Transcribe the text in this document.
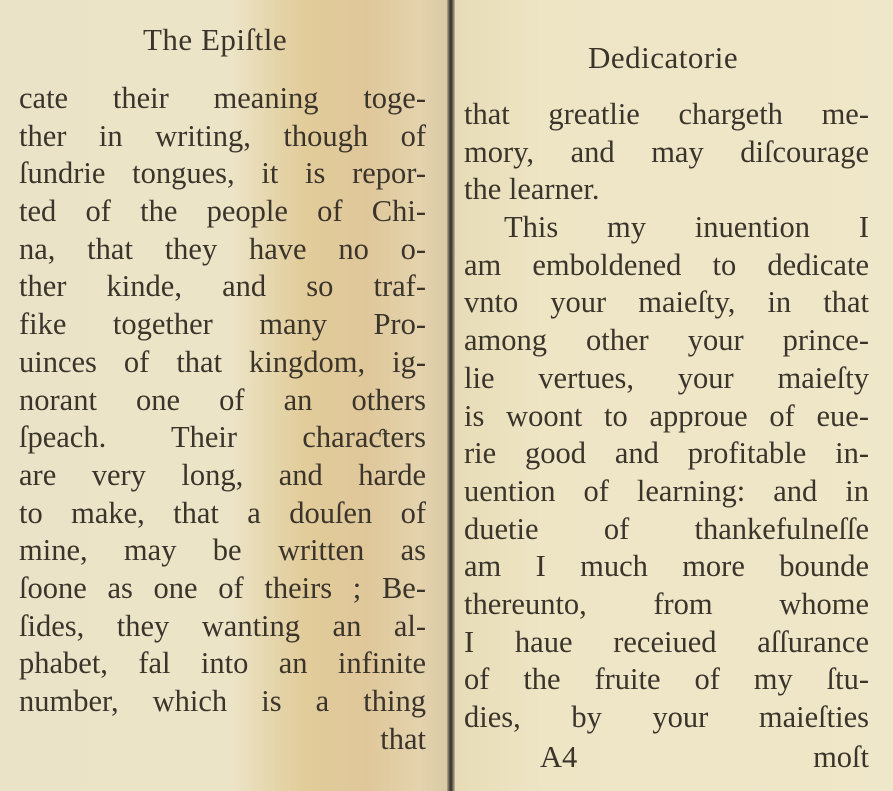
The Epiſtle
cate their meaning toge-
ther in writing, though of
ſundrie tongues, it is repor-
ted of the people of Chi-
na, that they have no o-
ther kinde, and so traf-
fike together many Pro-
uinces of that kingdom, ig-
norant one of an others
ſpeach. Their charaƈters
are very long, and harde
to make, that a douſen of
mine, may be written as
ſoone as one of theirs ; Be-
ſides, they wanting an al-
phabet, fal into an infinite
number, which is a thing
that
Dedicatorie
that greatlie chargeth me-
mory, and may diſcourage
the learner.
This my inuention I
am emboldened to dedicate
vnto your maieſty, in that
among other your prince-
lie vertues, your maieſty
is woont to approue of eue-
rie good and profitable in-
uention of learning: and in
duetie of thankefulneſſe
am I much more bounde
thereunto, from whome
I haue receiued aſſurance
of the fruite of my ſtu-
dies, by your maieſties
A4	moſt
